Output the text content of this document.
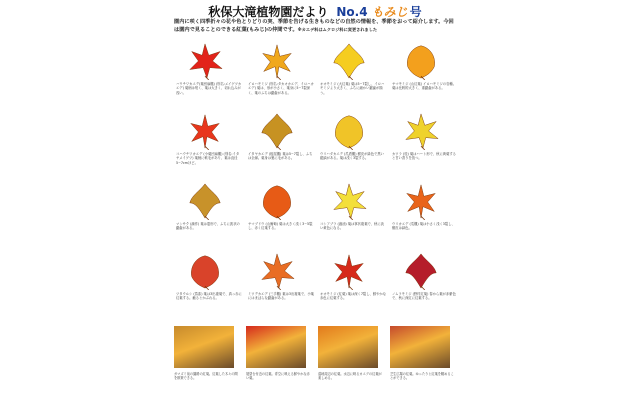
秋保大滝植物園だより No.4 もみじ 号
園内に咲く四季折々の花や色とりどりの実、季節を告げる生きものなどの自然の情報を、季節をおって紹介します。今回は園内で見ることのできる紅葉(もみじ)の仲間です。※カエデ科はムクロジ科に変更されました
ハウチワカエデ(葉団扇楓) (別名:メイゲツカエデ) 葉柄は短く、葉は大きく、切れ込みが浅い。
イロハモミジ (別名:タカオカエデ、イロハカエデ) 葉は、形が小さく、葉身に5~7裂深く、葉のふちは鋸歯がある。
オオモミジ (大紅葉) 葉は5~7裂し、イロハモミジより大きく、ふちに細かい鋸歯が揃う。
ヤマモミジ (山紅葉) イロハモミジの変種。葉は比較的大きく、重鋸歯がある。
コハウチワカエデ (小葉団扇楓) (別名:イタヤメイゲツ) 葉柄に軟毛があり、葉は直径5~7cmほど。
イタヤカエデ (板屋楓) 葉は5~7裂し、ふちは全縁。葉身は裏に毛がある。
ウリハダカエデ (瓜膚楓) 樹皮が緑色で黒い縦縞がある。葉は浅く3裂する。
カツラ (桂) 葉はハート形で、秋に黄葉すると甘い香りを放つ。
マンサク (満作) 葉は菱形で、ふちに波状の鋸歯がある。
ヤマブドウ (山葡萄) 葉は大きく浅く3~5裂し、赤く紅葉する。
コシアブラ (漉油) 葉は掌状複葉で、秋に淡い黄色になる。
ウリカエデ (瓜楓) 葉は小さく浅く3裂し、樹皮は緑色。
ツタウルシ (蔦漆) 葉は3出複葉で、真っ赤に紅葉する。触るとかぶれる。
ミツデカエデ (三手楓) 葉は3出複葉で、小葉にはまばらな鋸歯がある。
オオモミジ (紅葉) 葉は深く7裂し、鮮やかな赤色に紅葉する。
ノムラモミジ (野村紅葉) 春から葉が赤紫色で、秋に深紅に紅葉する。
ガマズミ前の園路の紅葉。紅葉した木々の間を散策できる。
展望台付近の紅葉。青空に映える鮮やかな赤い葉。
湿地周辺の紅葉。水辺に映るカエデの紅葉が楽しめる。
芝生広場の紅葉。ゆったりと紅葉を眺めることができる。
